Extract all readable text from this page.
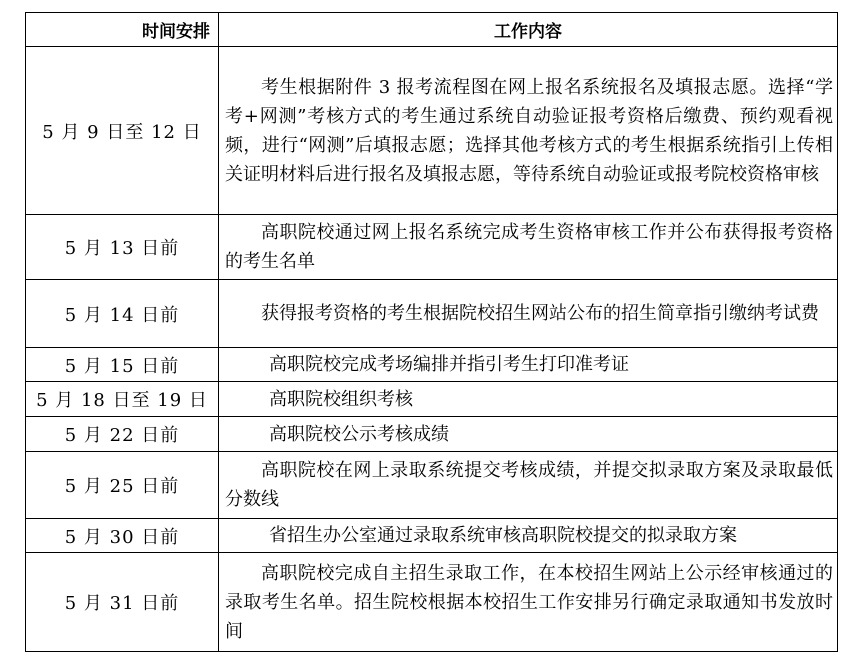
时间安排	工作内容
5 月 9 日至 12 日	考生根据附件 3 报考流程图在网上报名系统报名及填报志愿。选择“学考+网测”考核方式的考生通过系统自动验证报考资格后缴费、预约观看视频，进行“网测”后填报志愿；选择其他考核方式的考生根据系统指引上传相关证明材料后进行报名及填报志愿，等待系统自动验证或报考院校资格审核

5 月 13 日前	高职院校通过网上报名系统完成考生资格审核工作并公布获得报考资格的考生名单

5 月 14 日前	获得报考资格的考生根据院校招生网站公布的招生简章指引缴纳考试费

5 月 15 日前	高职院校完成考场编排并指引考生打印准考证

5 月 18 日至 19 日	高职院校组织考核

5 月 22 日前	高职院校公示考核成绩

5 月 25 日前	高职院校在网上录取系统提交考核成绩，并提交拟录取方案及录取最低分数线

5 月 30 日前	省招生办公室通过录取系统审核高职院校提交的拟录取方案

5 月 31 日前	高职院校完成自主招生录取工作，在本校招生网站上公示经审核通过的录取考生名单。招生院校根据本校招生工作安排另行确定录取通知书发放时间
